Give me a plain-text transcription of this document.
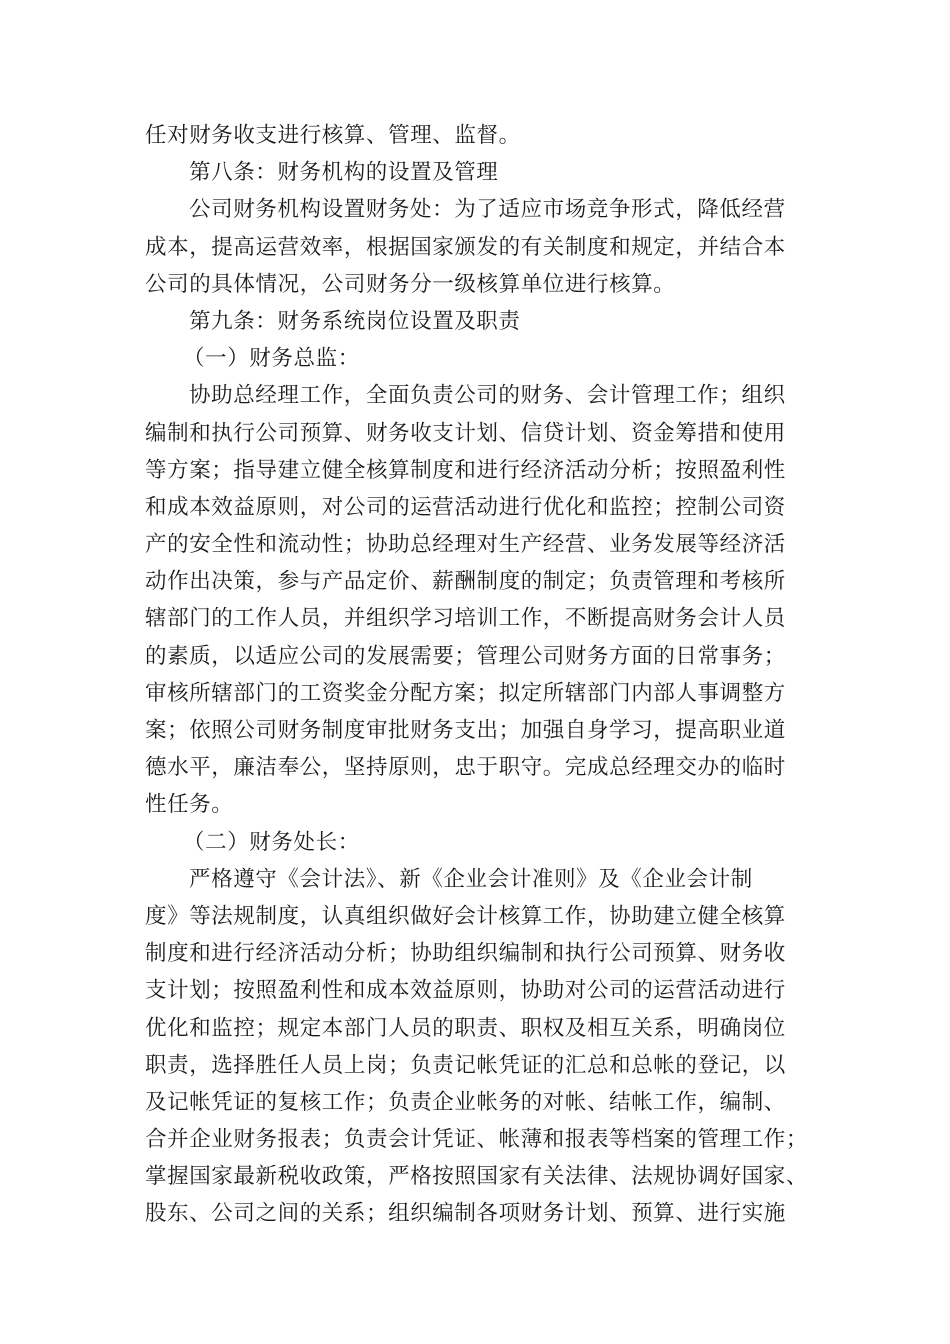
任对财务收支进行核算、管理、监督。
第八条：财务机构的设置及管理
公司财务机构设置财务处：为了适应市场竞争形式，降低经营
成本，提高运营效率，根据国家颁发的有关制度和规定，并结合本
公司的具体情况，公司财务分一级核算单位进行核算。
第九条：财务系统岗位设置及职责
（一）财务总监：
协助总经理工作，全面负责公司的财务、会计管理工作；组织
编制和执行公司预算、财务收支计划、信贷计划、资金筹措和使用
等方案；指导建立健全核算制度和进行经济活动分析；按照盈利性
和成本效益原则，对公司的运营活动进行优化和监控；控制公司资
产的安全性和流动性；协助总经理对生产经营、业务发展等经济活
动作出决策，参与产品定价、薪酬制度的制定；负责管理和考核所
辖部门的工作人员，并组织学习培训工作，不断提高财务会计人员
的素质，以适应公司的发展需要；管理公司财务方面的日常事务；
审核所辖部门的工资奖金分配方案；拟定所辖部门内部人事调整方
案；依照公司财务制度审批财务支出；加强自身学习，提高职业道
德水平，廉洁奉公，坚持原则，忠于职守。完成总经理交办的临时
性任务。
（二）财务处长：
严格遵守《会计法》、新《企业会计准则》及《企业会计制
度》等法规制度，认真组织做好会计核算工作，协助建立健全核算
制度和进行经济活动分析；协助组织编制和执行公司预算、财务收
支计划；按照盈利性和成本效益原则，协助对公司的运营活动进行
优化和监控；规定本部门人员的职责、职权及相互关系，明确岗位
职责，选择胜任人员上岗；负责记帐凭证的汇总和总帐的登记，以
及记帐凭证的复核工作；负责企业帐务的对帐、结帐工作，编制、
合并企业财务报表；负责会计凭证、帐薄和报表等档案的管理工作；
掌握国家最新税收政策，严格按照国家有关法律、法规协调好国家、
股东、公司之间的关系；组织编制各项财务计划、预算、进行实施
